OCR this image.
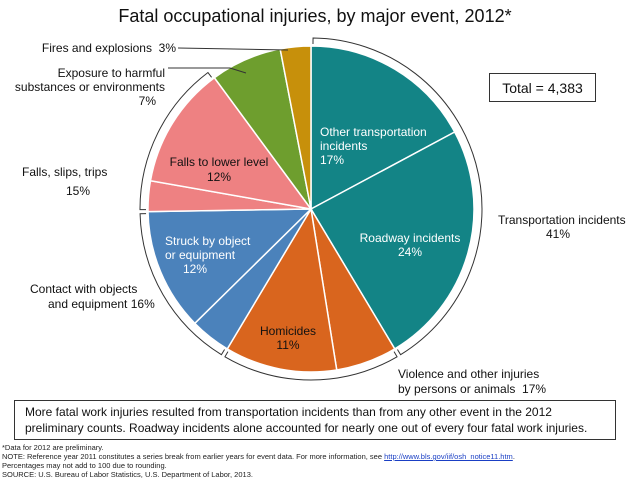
Fatal occupational injuries, by major event, 2012*
Other transportation
incidents
17%
Roadway incidents
24%
Homicides
11%
Struck by object
or equipment
12%
Falls to lower level
12%
Transportation incidents
41%
Violence and other injuries
by persons or animals  17%
Contact with objects
and equipment 16%
Falls, slips, trips
15%
Exposure to harmful
substances or environments
7%
Fires and explosions  3%
Total = 4,383
More fatal work injuries resulted from transportation incidents than from any other event in the 2012
preliminary counts. Roadway incidents alone accounted for nearly one out of every four fatal work injuries.
*Data for 2012 are preliminary.
NOTE: Reference year 2011 constitutes a series break from earlier years for event data. For more information, see http://www.bls.gov/iif/osh_notice11.htm.
Percentages may not add to 100 due to rounding.
SOURCE: U.S. Bureau of Labor Statistics, U.S. Department of Labor, 2013.
